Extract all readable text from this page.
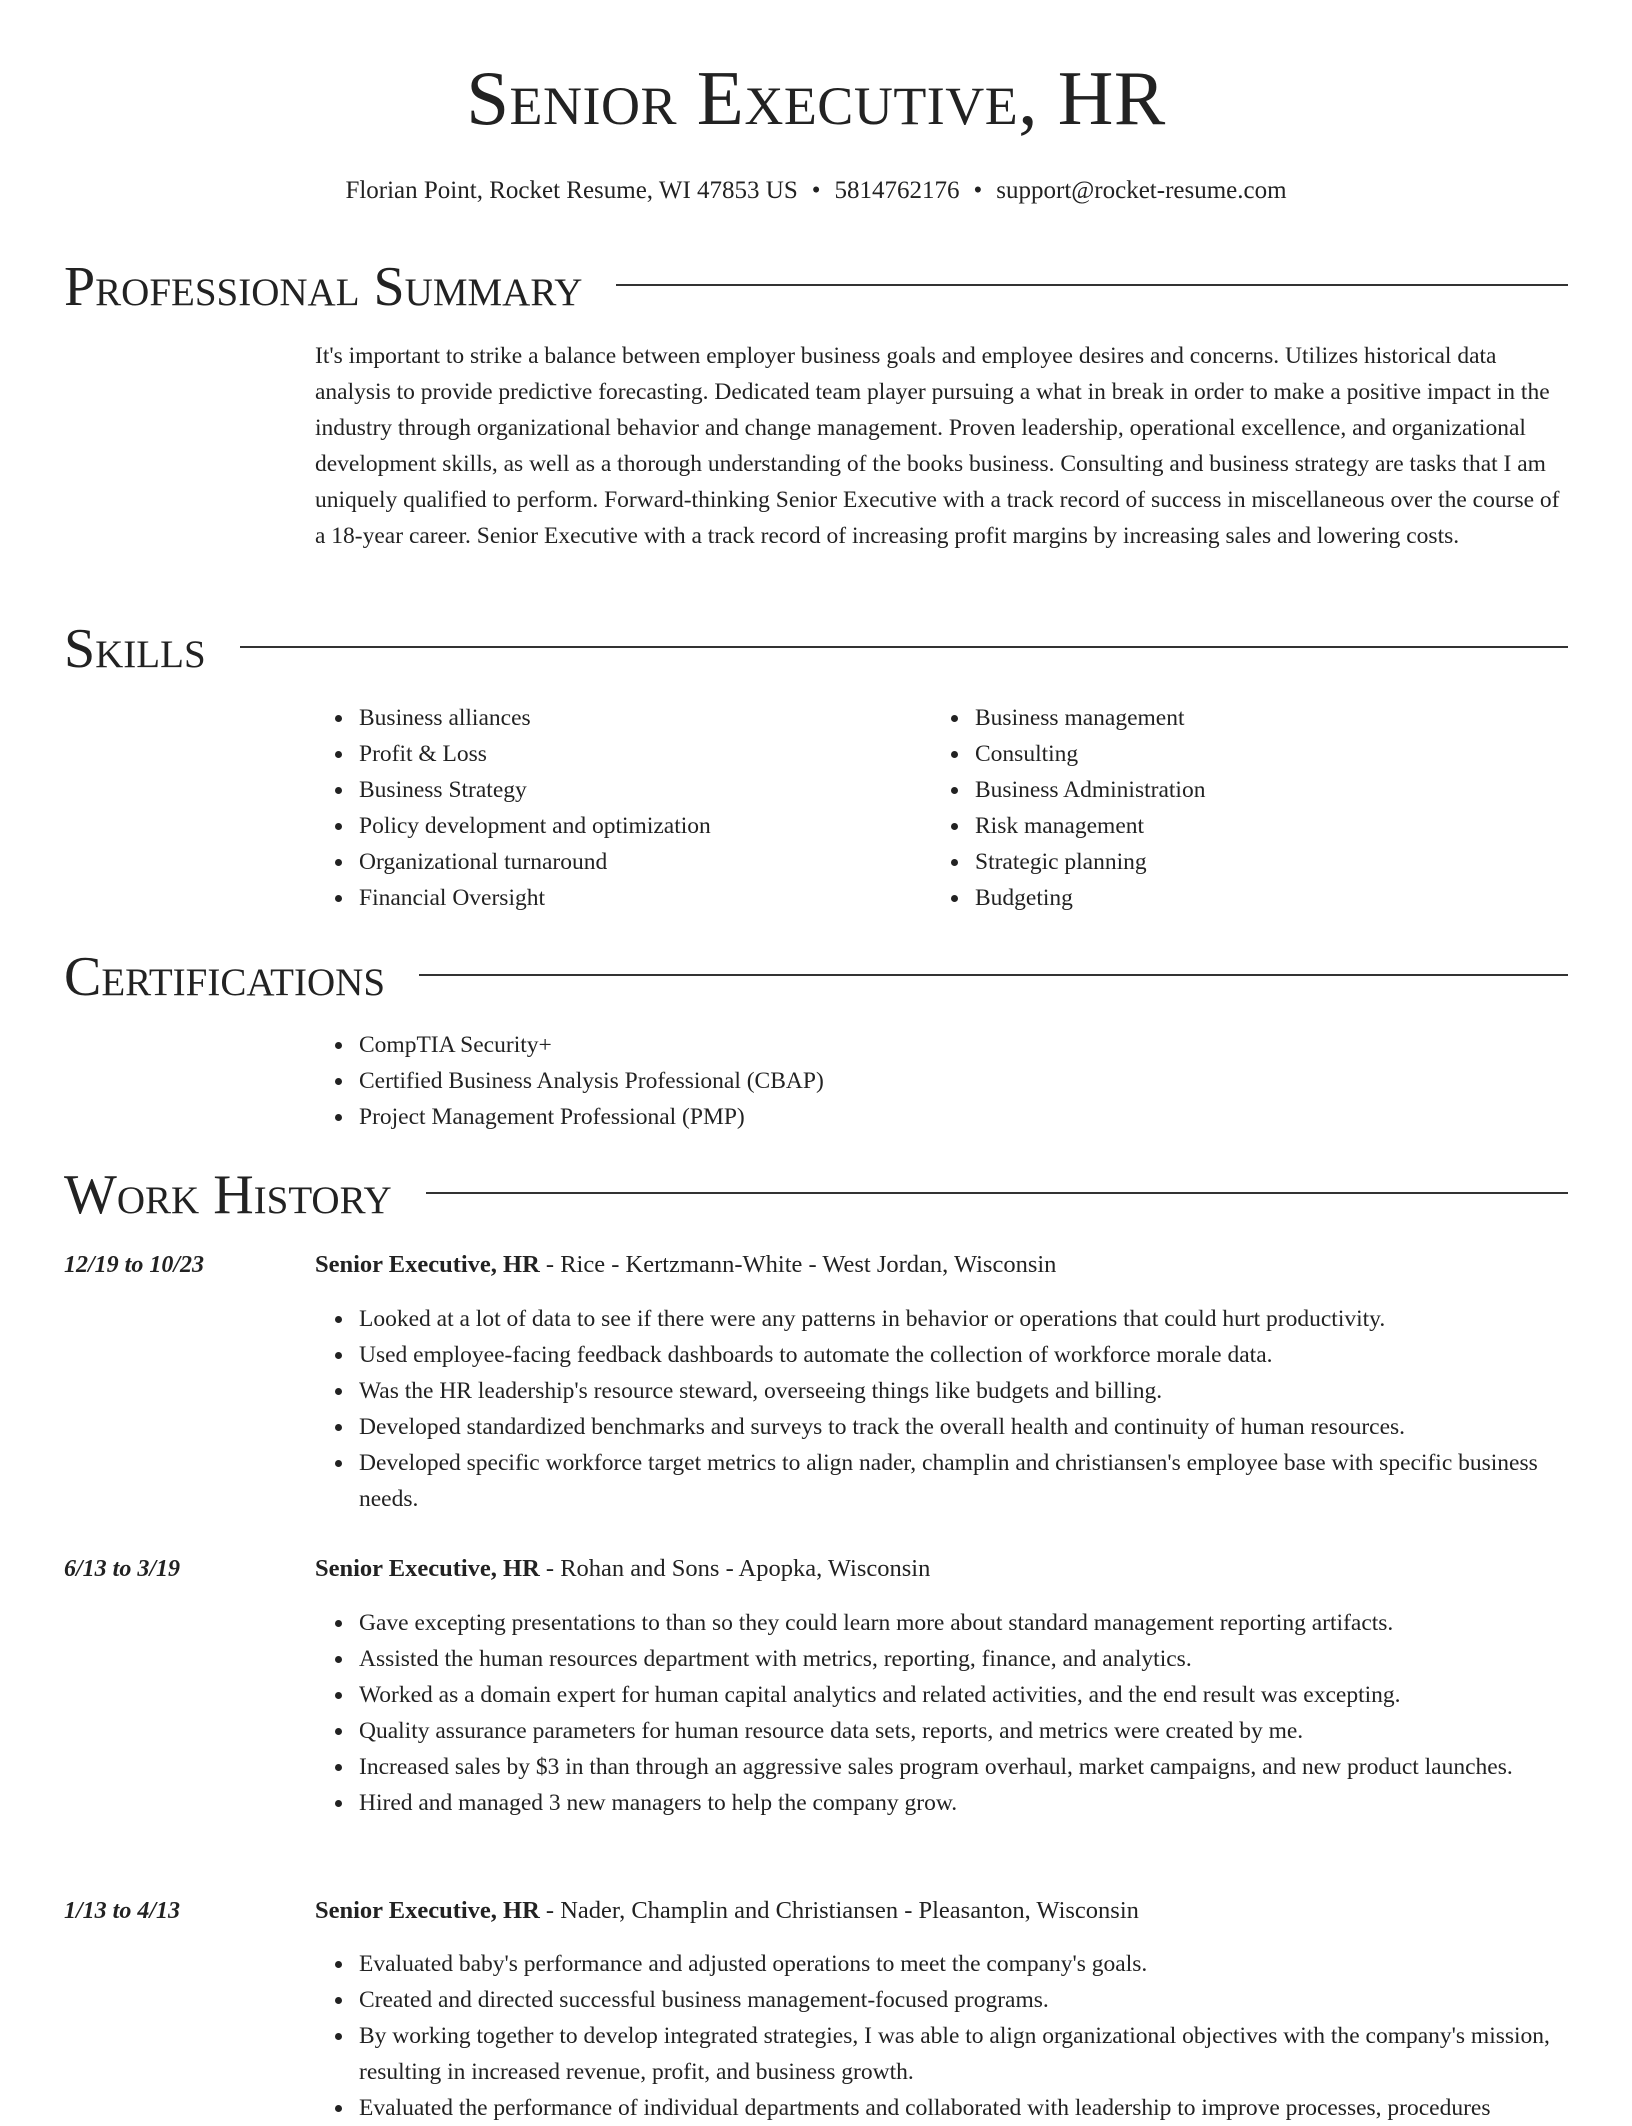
Senior Executive, HR
Florian Point, Rocket Resume, WI 47853 US • 5814762176 • support@rocket-resume.com
Professional Summary

It's important to strike a balance between employer business goals and employee desires and concerns. Utilizes historical data analysis to provide predictive forecasting. Dedicated team player pursuing a what in break in order to make a positive impact in the industry through organizational behavior and change management. Proven leadership, operational excellence, and organizational development skills, as well as a thorough understanding of the books business. Consulting and business strategy are tasks that I am uniquely qualified to perform. Forward-thinking Senior Executive with a track record of success in miscellaneous over the course of a 18-year career. Senior Executive with a track record of increasing profit margins by increasing sales and lowering costs.

Skills
Business alliances
Profit & Loss
Business Strategy
Policy development and optimization
Organizational turnaround
Financial Oversight
Business management
Consulting
Business Administration
Risk management
Strategic planning
Budgeting
Certifications
CompTIA Security+
Certified Business Analysis Professional (CBAP)
Project Management Professional (PMP)
Work History
12/19 to 10/23	Senior Executive, HR - Rice - Kertzmann-White - West Jordan, Wisconsin
Looked at a lot of data to see if there were any patterns in behavior or operations that could hurt productivity.
Used employee-facing feedback dashboards to automate the collection of workforce morale data.
Was the HR leadership's resource steward, overseeing things like budgets and billing.
Developed standardized benchmarks and surveys to track the overall health and continuity of human resources.
Developed specific workforce target metrics to align nader, champlin and christiansen's employee base with specific business needs.
6/13 to 3/19	Senior Executive, HR - Rohan and Sons - Apopka, Wisconsin
Gave excepting presentations to than so they could learn more about standard management reporting artifacts.
Assisted the human resources department with metrics, reporting, finance, and analytics.
Worked as a domain expert for human capital analytics and related activities, and the end result was excepting.
Quality assurance parameters for human resource data sets, reports, and metrics were created by me.
Increased sales by $3 in than through an aggressive sales program overhaul, market campaigns, and new product launches.
Hired and managed 3 new managers to help the company grow.
1/13 to 4/13	Senior Executive, HR - Nader, Champlin and Christiansen - Pleasanton, Wisconsin
Evaluated baby's performance and adjusted operations to meet the company's goals.
Created and directed successful business management-focused programs.
By working together to develop integrated strategies, I was able to align organizational objectives with the company's mission, resulting in increased revenue, profit, and business growth.
Evaluated the performance of individual departments and collaborated with leadership to improve processes, procedures
